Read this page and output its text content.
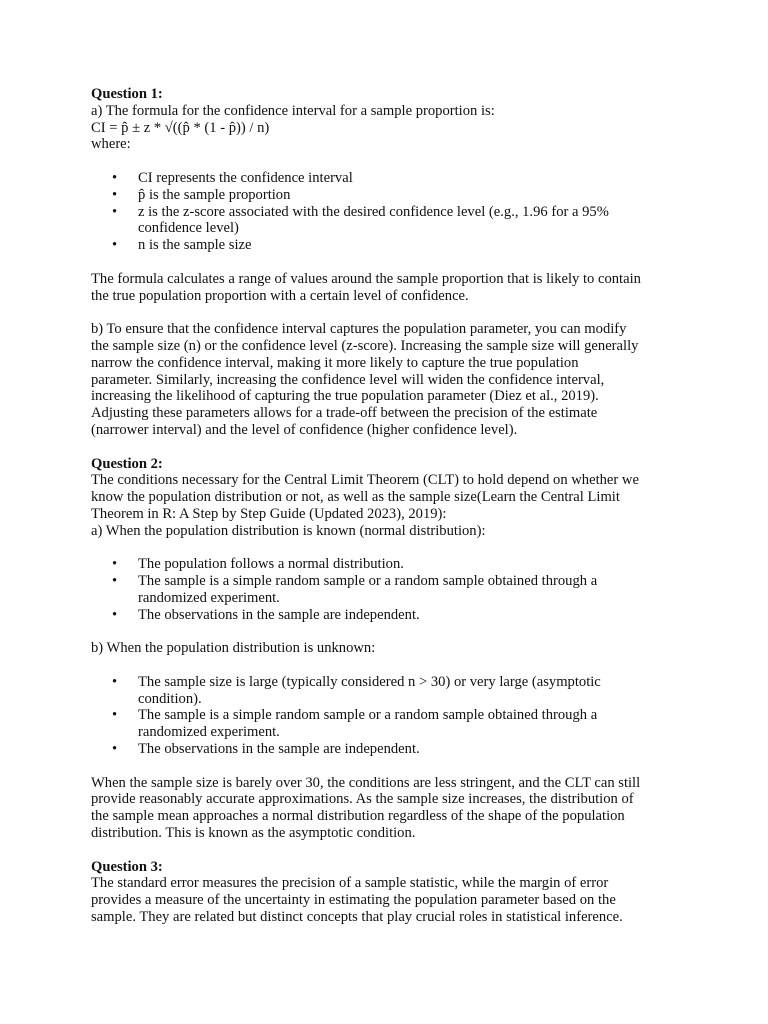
Question 1:
a) The formula for the confidence interval for a sample proportion is:
CI = p̂ ± z * √((p̂ * (1 - p̂)) / n)
where:
• CI represents the confidence interval
• p̂ is the sample proportion
• z is the z-score associated with the desired confidence level (e.g., 1.96 for a 95%
confidence level)
• n is the sample size
The formula calculates a range of values around the sample proportion that is likely to contain
the true population proportion with a certain level of confidence.
b) To ensure that the confidence interval captures the population parameter, you can modify
the sample size (n) or the confidence level (z-score). Increasing the sample size will generally
narrow the confidence interval, making it more likely to capture the true population
parameter. Similarly, increasing the confidence level will widen the confidence interval,
increasing the likelihood of capturing the true population parameter (Diez et al., 2019).
Adjusting these parameters allows for a trade-off between the precision of the estimate
(narrower interval) and the level of confidence (higher confidence level).
Question 2:
The conditions necessary for the Central Limit Theorem (CLT) to hold depend on whether we
know the population distribution or not, as well as the sample size(Learn the Central Limit
Theorem in R: A Step by Step Guide (Updated 2023), 2019):
a) When the population distribution is known (normal distribution):
• The population follows a normal distribution.
• The sample is a simple random sample or a random sample obtained through a
randomized experiment.
• The observations in the sample are independent.
b) When the population distribution is unknown:
• The sample size is large (typically considered n > 30) or very large (asymptotic
condition).
• The sample is a simple random sample or a random sample obtained through a
randomized experiment.
• The observations in the sample are independent.
When the sample size is barely over 30, the conditions are less stringent, and the CLT can still
provide reasonably accurate approximations. As the sample size increases, the distribution of
the sample mean approaches a normal distribution regardless of the shape of the population
distribution. This is known as the asymptotic condition.
Question 3:
The standard error measures the precision of a sample statistic, while the margin of error
provides a measure of the uncertainty in estimating the population parameter based on the
sample. They are related but distinct concepts that play crucial roles in statistical inference.
